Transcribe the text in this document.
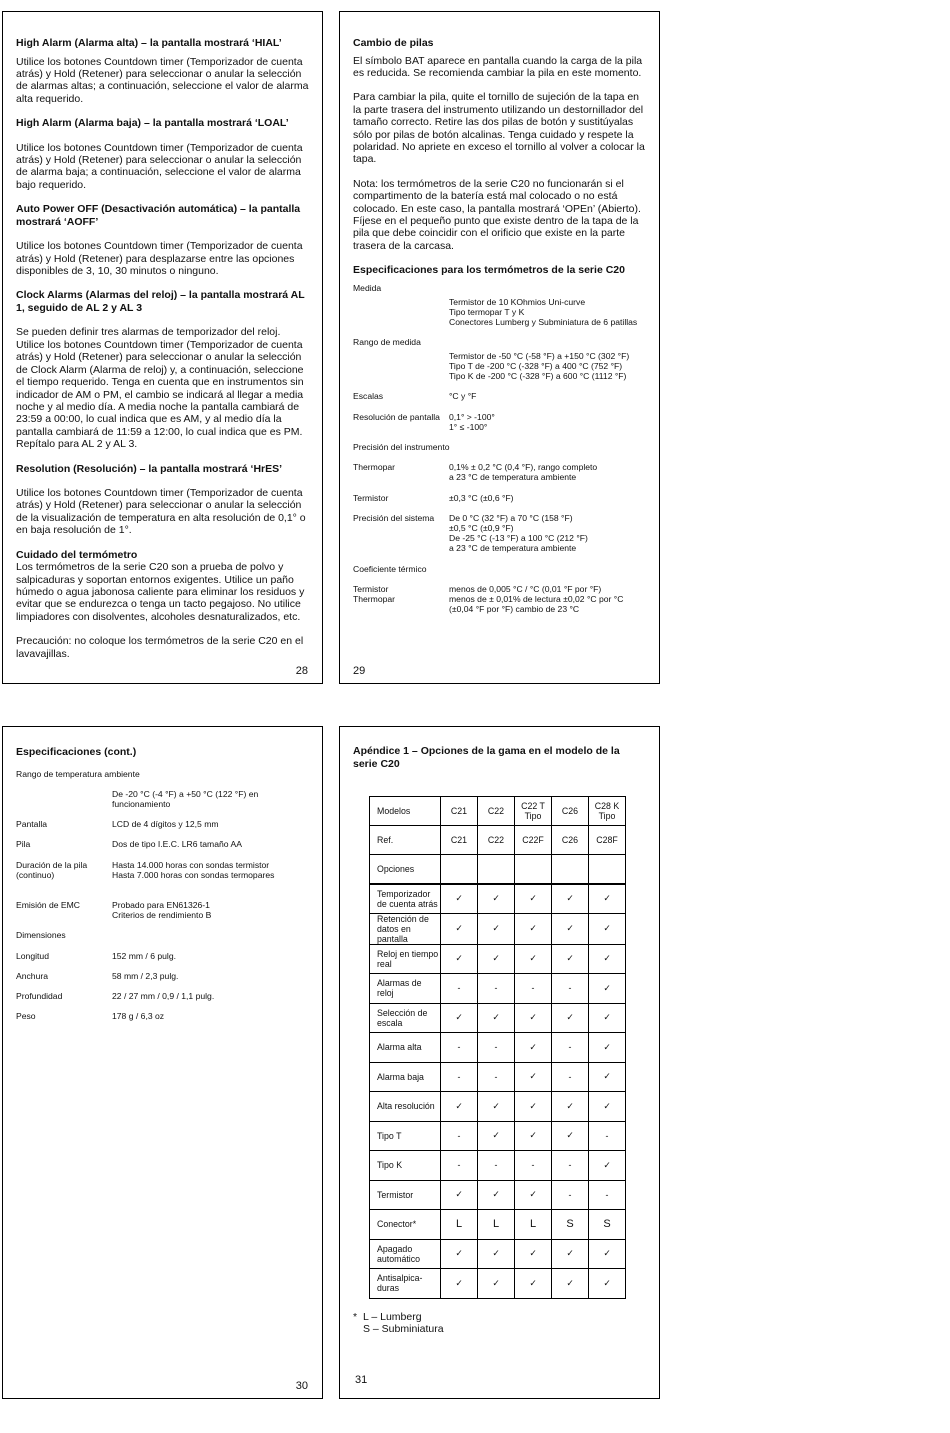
High Alarm (Alarma alta) – la pantalla mostrará ‘HIAL’

Utilice los botones Countdown timer (Temporizador de cuenta atrás) y Hold (Retener) para seleccionar o anular la selección de alarmas altas; a continuación, seleccione el valor de alarma alta requerido.

High Alarm (Alarma baja) – la pantalla mostrará ‘LOAL’

Utilice los botones Countdown timer (Temporizador de cuenta atrás) y Hold (Retener) para seleccionar o anular la selección de alarma baja; a continuación, seleccione el valor de alarma bajo requerido.

Auto Power OFF (Desactivación automática) – la pantalla mostrará ‘AOFF’

Utilice los botones Countdown timer (Temporizador de cuenta atrás) y Hold (Retener) para desplazarse entre las opciones disponibles de 3, 10, 30 minutos o ninguno.

Clock Alarms (Alarmas del reloj) – la pantalla mostrará AL 1, seguido de AL 2 y AL 3

Se pueden definir tres alarmas de temporizador del reloj. Utilice los botones Countdown timer (Temporizador de cuenta atrás) y Hold (Retener) para seleccionar o anular la selección de Clock Alarm (Alarma de reloj) y, a continuación, seleccione el tiempo requerido. Tenga en cuenta que en instrumentos sin indicador de AM o PM, el cambio se indicará al llegar a media noche y al medio día. A media noche la pantalla cambiará de 23:59 a 00:00, lo cual indica que es AM, y al medio día la pantalla cambiará de 11:59 a 12:00, lo cual indica que es PM. Repítalo para AL 2 y AL 3.

Resolution (Resolución) – la pantalla mostrará ‘HrES’

Utilice los botones Countdown timer (Temporizador de cuenta atrás) y Hold (Retener) para seleccionar o anular la selección de la visualización de temperatura en alta resolución de 0,1° o en baja resolución de 1°.

Cuidado del termómetro

Los termómetros de la serie C20 son a prueba de polvo y salpicaduras y soportan entornos exigentes. Utilice un paño húmedo o agua jabonosa caliente para eliminar los residuos y evitar que se endurezca o tenga un tacto pegajoso. No utilice limpiadores con disolventes, alcoholes desnaturalizados, etc.

Precaución: no coloque los termómetros de la serie C20 en el lavavajillas.

28

Cambio de pilas

El símbolo BAT aparece en pantalla cuando la carga de la pila es reducida. Se recomienda cambiar la pila en este momento.

Para cambiar la pila, quite el tornillo de sujeción de la tapa en la parte trasera del instrumento utilizando un destornillador del tamaño correcto. Retire las dos pilas de botón y sustitúyalas sólo por pilas de botón alcalinas. Tenga cuidado y respete la polaridad. No apriete en exceso el tornillo al volver a colocar la tapa.

Nota: los termómetros de la serie C20 no funcionarán si el compartimento de la batería está mal colocado o no está colocado. En este caso, la pantalla mostrará ‘OPEn’ (Abierto). Fíjese en el pequeño punto que existe dentro de la tapa de la pila que debe coincidir con el orificio que existe en la parte trasera de la carcasa.

Especificaciones para los termómetros de la serie C20

Medida
Termistor de 10 KOhmios Uni-curve
Tipo termopar T y K
Conectores Lumberg y Subminiatura de 6 patillas
Rango de medida
Termistor de -50 °C (-58 °F) a +150 °C (302 °F)
Tipo T de -200 °C (-328 °F) a 400 °C (752 °F)
Tipo K de -200 °C (-328 °F) a 600 °C (1112 °F)
Escalas	°C y °F
Resolución de pantalla	0,1° > -100°
1° ≤ -100°
Precisión del instrumento
Thermopar	0,1% ± 0,2 °C (0,4 °F), rango completo
a 23 °C de temperatura ambiente
Termistor	±0,3 °C (±0,6 °F)
Precisión del sistema	De 0 °C (32 °F) a 70 °C (158 °F)
±0,5 °C (±0,9 °F)
De -25 °C (-13 °F) a 100 °C (212 °F)
a 23 °C de temperatura ambiente
Coeficiente térmico
Termistor	menos de 0,005 °C / °C (0,01 °F por °F)
Thermopar	menos de ± 0,01% de lectura ±0,02 °C por °C
(±0,04 °F por °F) cambio de 23 °C
29

Especificaciones (cont.)

Rango de temperatura ambiente
De -20 °C (-4 °F) a +50 °C (122 °F) en
funcionamiento
Pantalla	LCD de 4 dígitos y 12,5 mm
Pila	Dos de tipo I.E.C. LR6 tamaño AA
Duración de la pila	Hasta 14.000 horas con sondas termistor
(continuo)	Hasta 7.000 horas con sondas termopares
Emisión de EMC	Probado para EN61326-1
Criterios de rendimiento B
Dimensiones
Longitud	152 mm / 6 pulg.
Anchura	58 mm / 2,3 pulg.
Profundidad	22 / 27 mm / 0,9 / 1,1 pulg.
Peso	178 g / 6,3 oz
30

Apéndice 1 – Opciones de la gama en el modelo de la serie C20

Modelos	C21	C22	C22 T Tipo	C26	C28 K Tipo
Ref.	C21	C22	C22F	C26	C28F
Opciones					
Temporizador de cuenta atrás	✓	✓	✓	✓	✓
Retención de datos en pantalla	✓	✓	✓	✓	✓
Reloj en tiempo real	✓	✓	✓	✓	✓
Alarmas de reloj	-	-	-	-	✓
Selección de escala	✓	✓	✓	✓	✓
Alarma alta	-	-	✓	-	✓
Alarma baja	-	-	✓	-	✓
Alta resolución	✓	✓	✓	✓	✓
Tipo T	-	✓	✓	✓	-
Tipo K	-	-	-	-	✓
Termistor	✓	✓	✓	-	-
Conector*	L	L	L	S	S
Apagado automático	✓	✓	✓	✓	✓
Antisalpica-duras	✓	✓	✓	✓	✓
* L – Lumberg
S – Subminiatura
31
